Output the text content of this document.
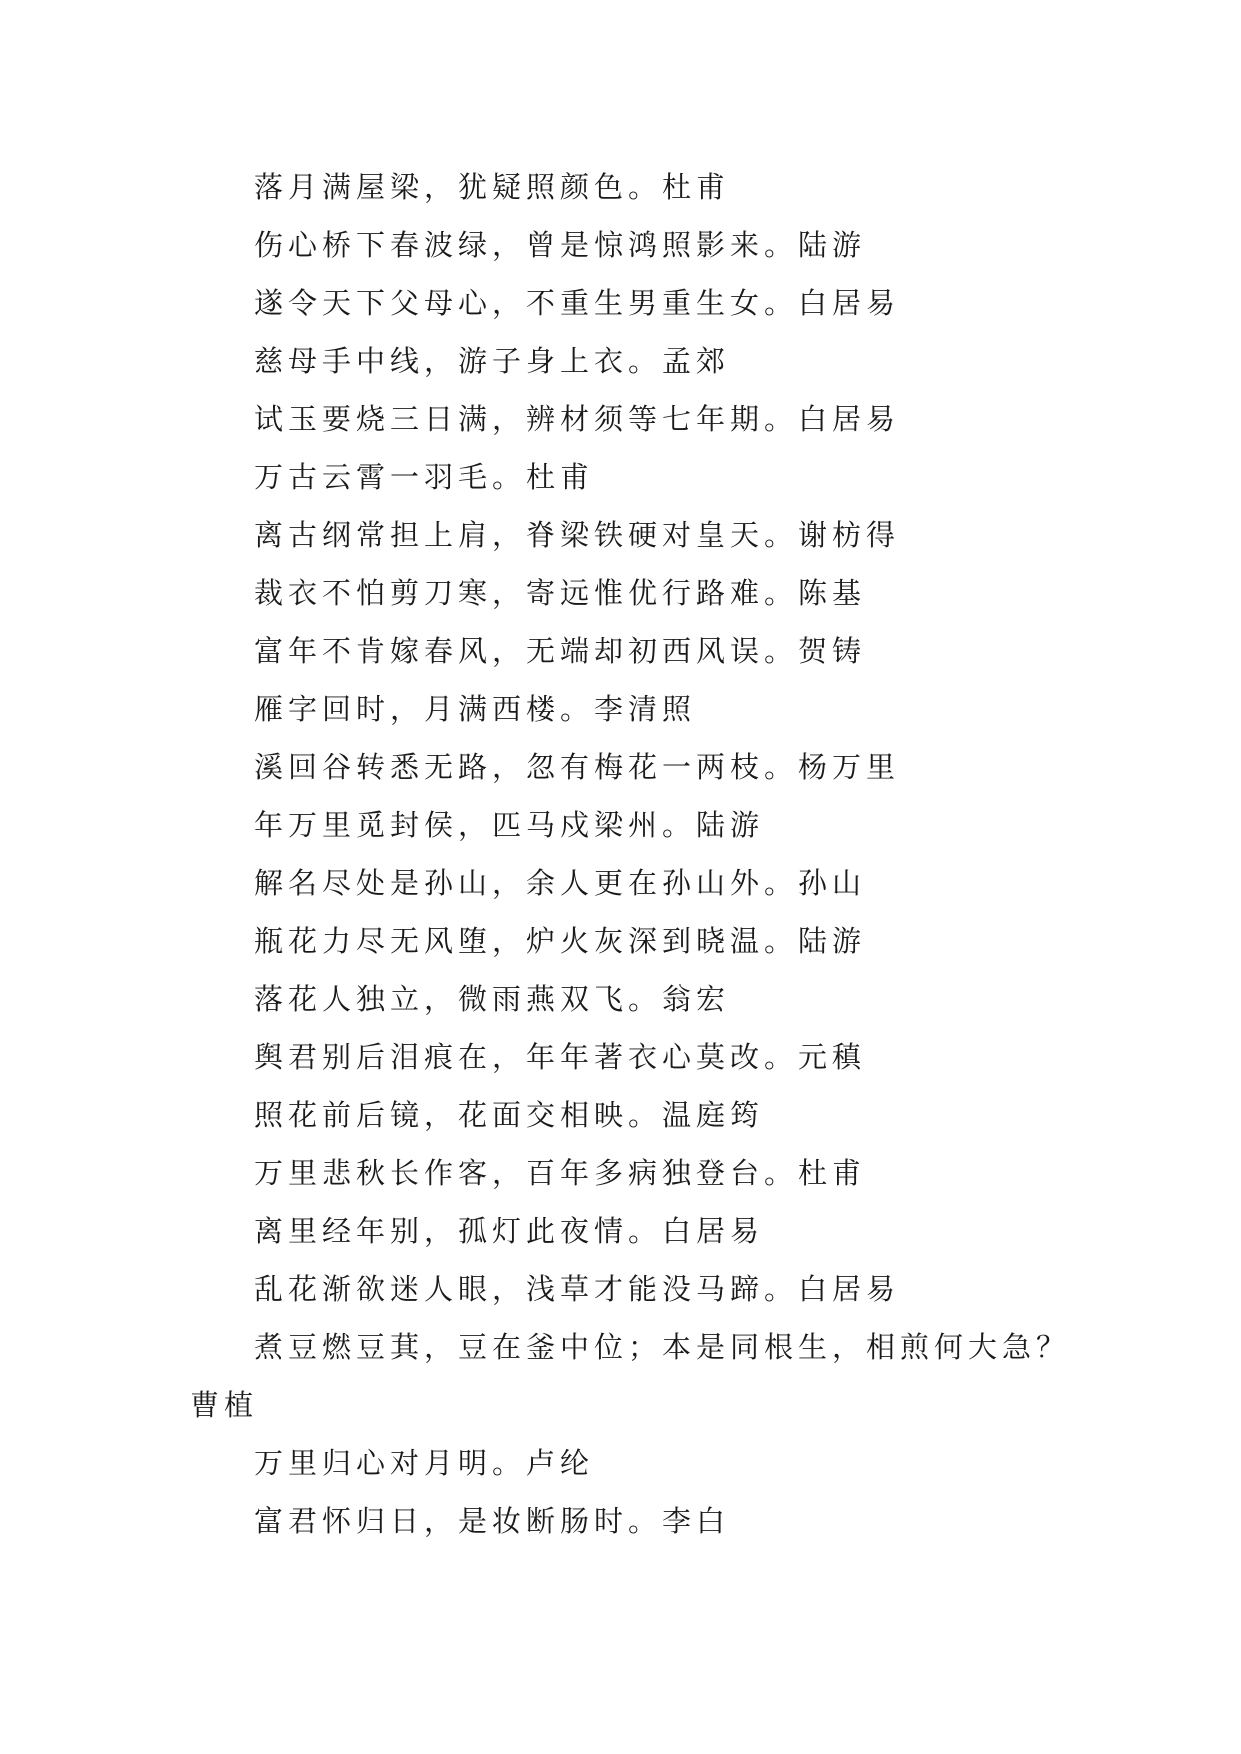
落月满屋梁，犹疑照颜色。杜甫
伤心桥下春波绿，曾是惊鸿照影来。陆游
遂令天下父母心，不重生男重生女。白居易
慈母手中线，游子身上衣。孟郊
试玉要烧三日满，辨材须等七年期。白居易
万古云霄一羽毛。杜甫
离古纲常担上肩，脊梁铁硬对皇天。谢枋得
裁衣不怕剪刀寒，寄远惟优行路难。陈基
富年不肯嫁春风，无端却初西风误。贺铸
雁字回时，月满西楼。李清照
溪回谷转悉无路，忽有梅花一两枝。杨万里
年万里觅封侯，匹马戍梁州。陆游
解名尽处是孙山，余人更在孙山外。孙山
瓶花力尽无风堕，炉火灰深到晓温。陆游
落花人独立，微雨燕双飞。翁宏
舆君别后泪痕在，年年著衣心莫改。元稹
照花前后镜，花面交相映。温庭筠
万里悲秋长作客，百年多病独登台。杜甫
离里经年别，孤灯此夜情。白居易
乱花渐欲迷人眼，浅草才能没马蹄。白居易
煮豆燃豆萁，豆在釜中位；本是同根生，相煎何大急？
曹植
万里归心对月明。卢纶
富君怀归日，是妆断肠时。李白
